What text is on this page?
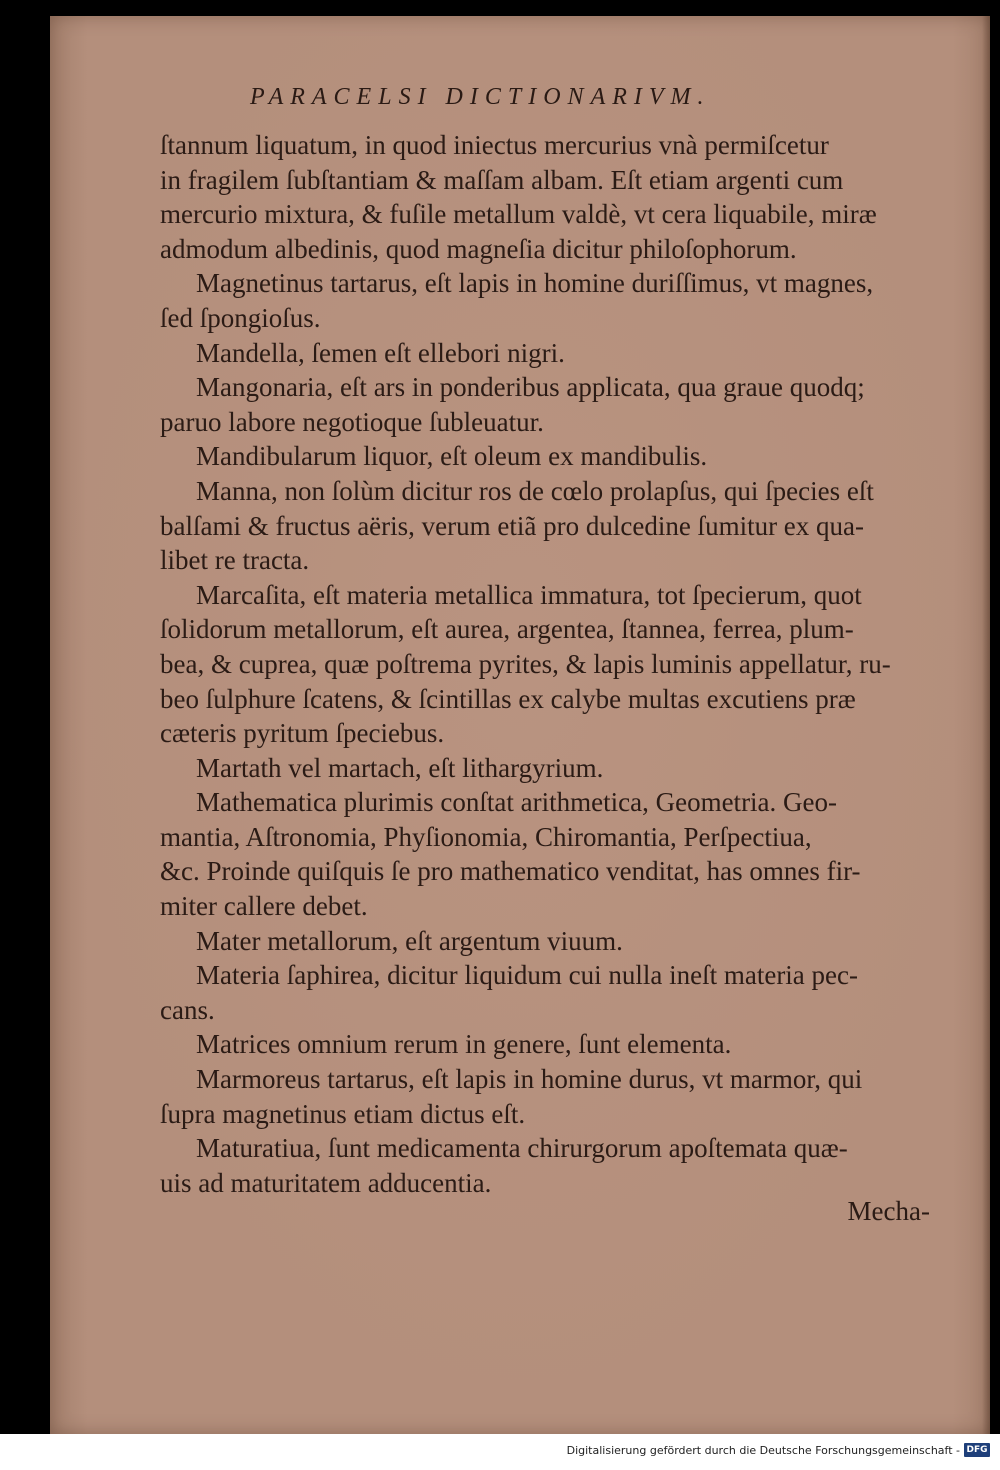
PARACELSI DICTIONARIVM.
ſtannum liquatum, in quod iniectus mercurius vnà permiſcetur
in fragilem ſubſtantiam & maſſam albam. Eſt etiam argenti cum
mercurio mixtura, & fuſile metallum valdè, vt cera liquabile, miræ
admodum albedinis, quod magneſia dicitur philoſophorum.
Magnetinus tartarus, eſt lapis in homine duriſſimus, vt magnes,
ſed ſpongioſus.
Mandella, ſemen eſt ellebori nigri.
Mangonaria, eſt ars in ponderibus applicata, qua graue quodq;
paruo labore negotioque ſubleuatur.
Mandibularum liquor, eſt oleum ex mandibulis.
Manna, non ſolùm dicitur ros de cœlo prolapſus, qui ſpecies eſt
balſami & fructus aëris, verum etiã pro dulcedine ſumitur ex qua-
libet re tracta.
Marcaſita, eſt materia metallica immatura, tot ſpecierum, quot
ſolidorum metallorum, eſt aurea, argentea, ſtannea, ferrea, plum-
bea, & cuprea, quæ poſtrema pyrites, & lapis luminis appellatur, ru-
beo ſulphure ſcatens, & ſcintillas ex calybe multas excutiens præ
cæteris pyritum ſpeciebus.
Martath vel martach, eſt lithargyrium.
Mathematica plurimis conſtat arithmetica, Geometria. Geo-
mantia, Aſtronomia, Phyſionomia, Chiromantia, Perſpectiua,
&c. Proinde quiſquis ſe pro mathematico venditat, has omnes fir-
miter callere debet.
Mater metallorum, eſt argentum viuum.
Materia ſaphirea, dicitur liquidum cui nulla ineſt materia pec-
cans.
Matrices omnium rerum in genere, ſunt elementa.
Marmoreus tartarus, eſt lapis in homine durus, vt marmor, qui
ſupra magnetinus etiam dictus eſt.
Maturatiua, ſunt medicamenta chirurgorum apoſtemata quæ-
uis ad maturitatem adducentia.
Mecha-
Digitalisierung gefördert durch die Deutsche Forschungsgemeinschaft - DFG
